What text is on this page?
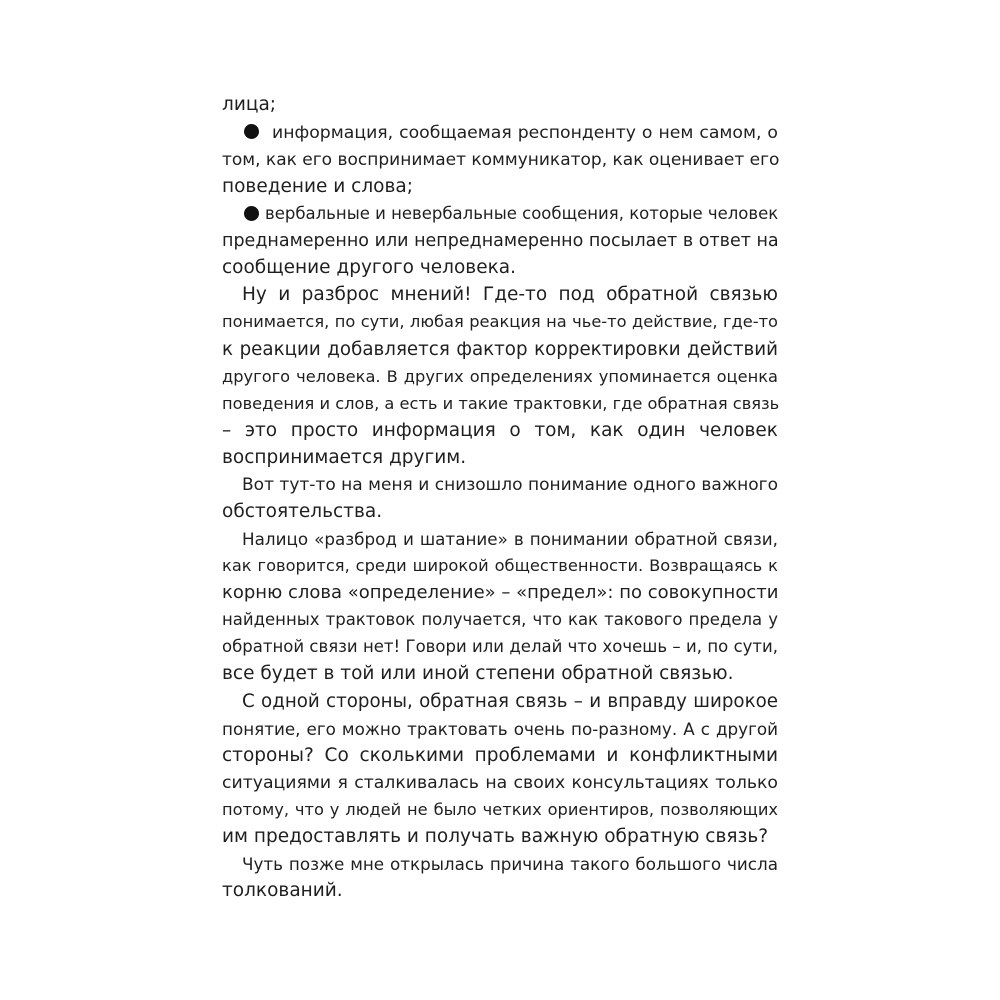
лица;
информация, сообщаемая респонденту о нем самом, о
том, как его воспринимает коммуникатор, как оценивает его
поведение и слова;
вербальные и невербальные сообщения, которые человек
преднамеренно или непреднамеренно посылает в ответ на
сообщение другого человека.
Ну и разброс мнений! Где-то под обратной связью
понимается, по сути, любая реакция на чье-то действие, где-то
к реакции добавляется фактор корректировки действий
другого человека. В других определениях упоминается оценка
поведения и слов, а есть и такие трактовки, где обратная связь
– это просто информация о том, как один человек
воспринимается другим.
Вот тут-то на меня и снизошло понимание одного важного
обстоятельства.
Налицо «разброд и шатание» в понимании обратной связи,
как говорится, среди широкой общественности. Возвращаясь к
корню слова «определение» – «предел»: по совокупности
найденных трактовок получается, что как такового предела у
обратной связи нет! Говори или делай что хочешь – и, по сути,
все будет в той или иной степени обратной связью.
С одной стороны, обратная связь – и вправду широкое
понятие, его можно трактовать очень по-разному. А с другой
стороны? Со сколькими проблемами и конфликтными
ситуациями я сталкивалась на своих консультациях только
потому, что у людей не было четких ориентиров, позволяющих
им предоставлять и получать важную обратную связь?
Чуть позже мне открылась причина такого большого числа
толкований.
